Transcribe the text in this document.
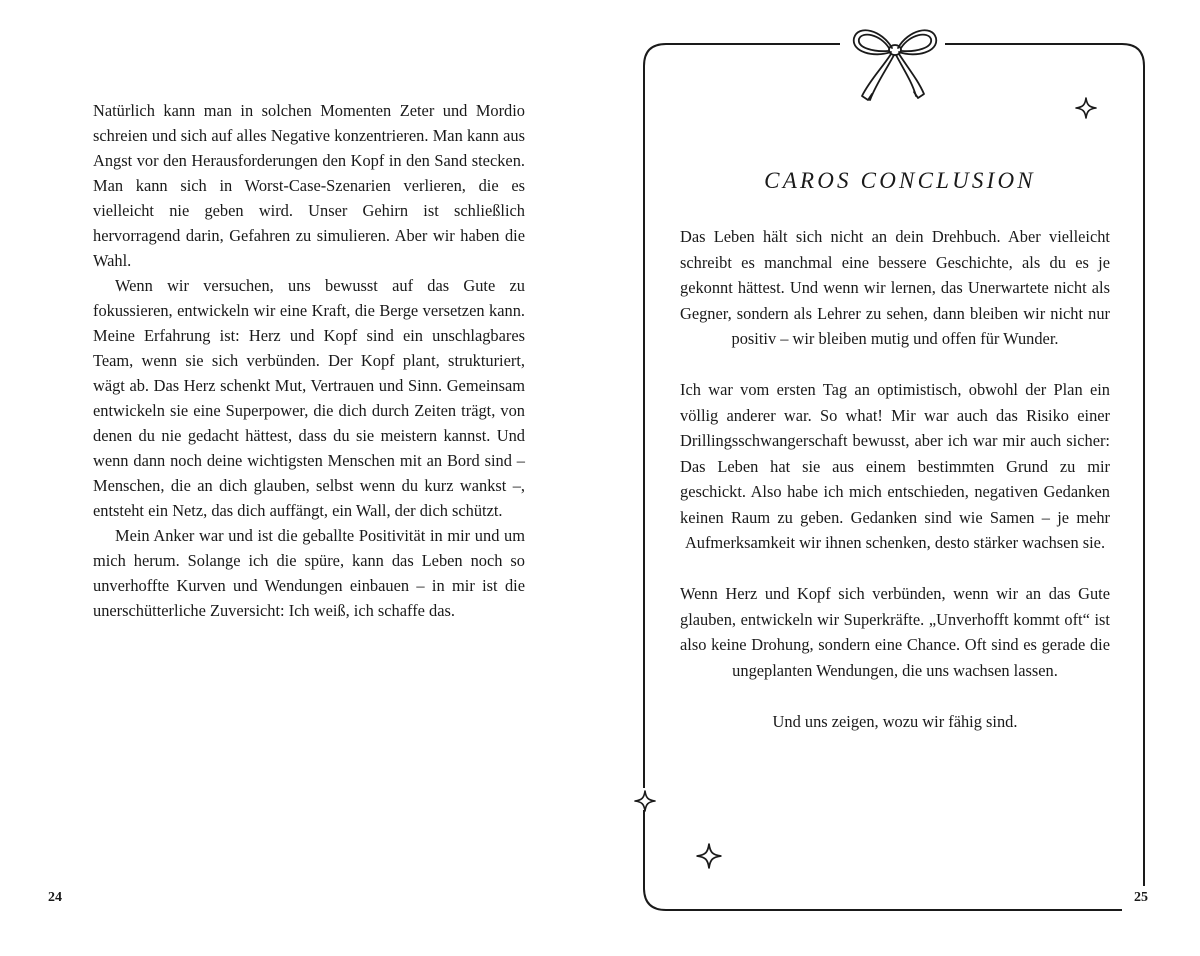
Natürlich kann man in solchen Momenten Zeter und Mordio schreien und sich auf alles Negative konzentrieren. Man kann aus Angst vor den Herausforderungen den Kopf in den Sand stecken. Man kann sich in Worst-Case-Szenarien verlieren, die es vielleicht nie geben wird. Unser Gehirn ist schließlich hervorragend darin, Gefahren zu simulieren. Aber wir haben die Wahl.

Wenn wir versuchen, uns bewusst auf das Gute zu fokussieren, entwickeln wir eine Kraft, die Berge versetzen kann. Meine Erfahrung ist: Herz und Kopf sind ein unschlagbares Team, wenn sie sich verbünden. Der Kopf plant, strukturiert, wägt ab. Das Herz schenkt Mut, Vertrauen und Sinn. Gemeinsam entwickeln sie eine Superpower, die dich durch Zeiten trägt, von denen du nie gedacht hättest, dass du sie meistern kannst. Und wenn dann noch deine wichtigsten Menschen mit an Bord sind – Menschen, die an dich glauben, selbst wenn du kurz wankst –, entsteht ein Netz, das dich auffängt, ein Wall, der dich schützt.

Mein Anker war und ist die geballte Positivität in mir und um mich herum. Solange ich die spüre, kann das Leben noch so unverhoffte Kurven und Wendungen einbauen – in mir ist die unerschütterliche Zuversicht: Ich weiß, ich schaffe das.

24
CAROS CONCLUSION

Das Leben hält sich nicht an dein Drehbuch. Aber vielleicht schreibt es manchmal eine bessere Geschichte, als du es je gekonnt hättest. Und wenn wir lernen, das Unerwartete nicht als Gegner, sondern als Lehrer zu sehen, dann bleiben wir nicht nur positiv – wir bleiben mutig und offen für Wunder.

Ich war vom ersten Tag an optimistisch, obwohl der Plan ein völlig anderer war. So what! Mir war auch das Risiko einer Drillingsschwangerschaft bewusst, aber ich war mir auch sicher: Das Leben hat sie aus einem bestimmten Grund zu mir geschickt. Also habe ich mich entschieden, negativen Gedanken keinen Raum zu geben. Gedanken sind wie Samen – je mehr Aufmerksamkeit wir ihnen schenken, desto stärker wachsen sie.

Wenn Herz und Kopf sich verbünden, wenn wir an das Gute glauben, entwickeln wir Superkräfte. „Unverhofft kommt oft“ ist also keine Drohung, sondern eine Chance. Oft sind es gerade die ungeplanten Wendungen, die uns wachsen lassen.

Und uns zeigen, wozu wir fähig sind.

25
